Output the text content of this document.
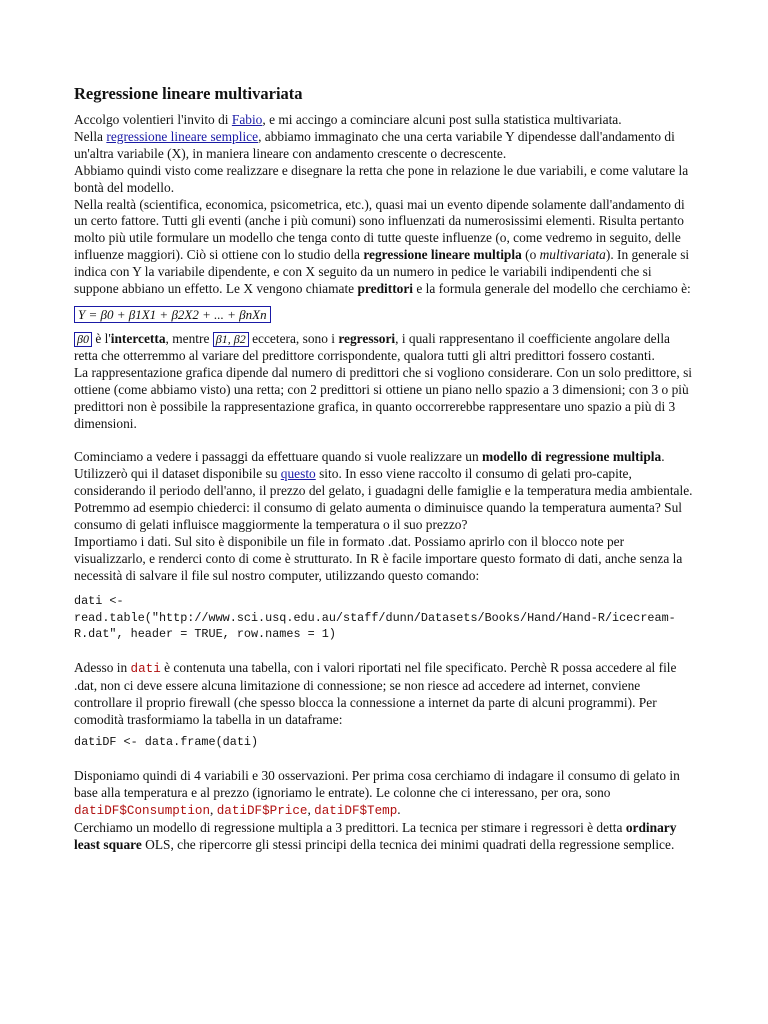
Regressione lineare multivariata

Accolgo volentieri l'invito di Fabio, e mi accingo a cominciare alcuni post sulla statistica multivariata.

Nella regressione lineare semplice, abbiamo immaginato che una certa variabile Y dipendesse dall'andamento di un'altra variabile (X), in maniera lineare con andamento crescente o decrescente.

Abbiamo quindi visto come realizzare e disegnare la retta che pone in relazione le due variabili, e come valutare la bontà del modello.

Nella realtà (scientifica, economica, psicometrica, etc.), quasi mai un evento dipende solamente dall'andamento di un certo fattore. Tutti gli eventi (anche i più comuni) sono influenzati da numerosissimi elementi. Risulta pertanto molto più utile formulare un modello che tenga conto di tutte queste influenze (o, come vedremo in seguito, delle influenze maggiori). Ciò si ottiene con lo studio della regressione lineare multipla (o multivariata). In generale si indica con Y la variabile dipendente, e con X seguito da un numero in pedice le variabili indipendenti che si suppone abbiano un effetto. Le X vengono chiamate predittori e la formula generale del modello che cerchiamo è:

Y = β0 + β1X1 + β2X2 + ... + βnXn

β0 è l'intercetta, mentre β1, β2 eccetera, sono i regressori, i quali rappresentano il coefficiente angolare della retta che otterremmo al variare del predittore corrispondente, qualora tutti gli altri predittori fossero costanti.

La rappresentazione grafica dipende dal numero di predittori che si vogliono considerare. Con un solo predittore, si ottiene (come abbiamo visto) una retta; con 2 predittori si ottiene un piano nello spazio a 3 dimensioni; con 3 o più predittori non è possibile la rappresentazione grafica, in quanto occorrerebbe rappresentare uno spazio a più di 3 dimensioni.

Cominciamo a vedere i passaggi da effettuare quando si vuole realizzare un modello di regressione multipla. Utilizzerò qui il dataset disponibile su questo sito. In esso viene raccolto il consumo di gelati pro-capite, considerando il periodo dell'anno, il prezzo del gelato, i guadagni delle famiglie e la temperatura media ambientale. Potremmo ad esempio chiederci: il consumo di gelato aumenta o diminuisce quando la temperatura aumenta? Sul consumo di gelati influisce maggiormente la temperatura o il suo prezzo?

Importiamo i dati. Sul sito è disponibile un file in formato .dat. Possiamo aprirlo con il blocco note per visualizzarlo, e renderci conto di come è strutturato. In R è facile importare questo formato di dati, anche senza la necessità di salvare il file sul nostro computer, utilizzando questo comando:

dati <-
read.table("http://www.sci.usq.edu.au/staff/dunn/Datasets/Books/Hand/Hand-R/icecream-R.dat", header = TRUE, row.names = 1)

Adesso in dati è contenuta una tabella, con i valori riportati nel file specificato. Perchè R possa accedere al file .dat, non ci deve essere alcuna limitazione di connessione; se non riesce ad accedere ad internet, conviene controllare il proprio firewall (che spesso blocca la connessione a internet da parte di alcuni programmi). Per comodità trasformiamo la tabella in un dataframe:

datiDF <- data.frame(dati)

Disponiamo quindi di 4 variabili e 30 osservazioni. Per prima cosa cerchiamo di indagare il consumo di gelato in base alla temperatura e al prezzo (ignoriamo le entrate). Le colonne che ci interessano, per ora, sono datiDF$Consumption, datiDF$Price, datiDF$Temp.

Cerchiamo un modello di regressione multipla a 3 predittori. La tecnica per stimare i regressori è detta ordinary least square OLS, che ripercorre gli stessi principi della tecnica dei minimi quadrati della regressione semplice.
